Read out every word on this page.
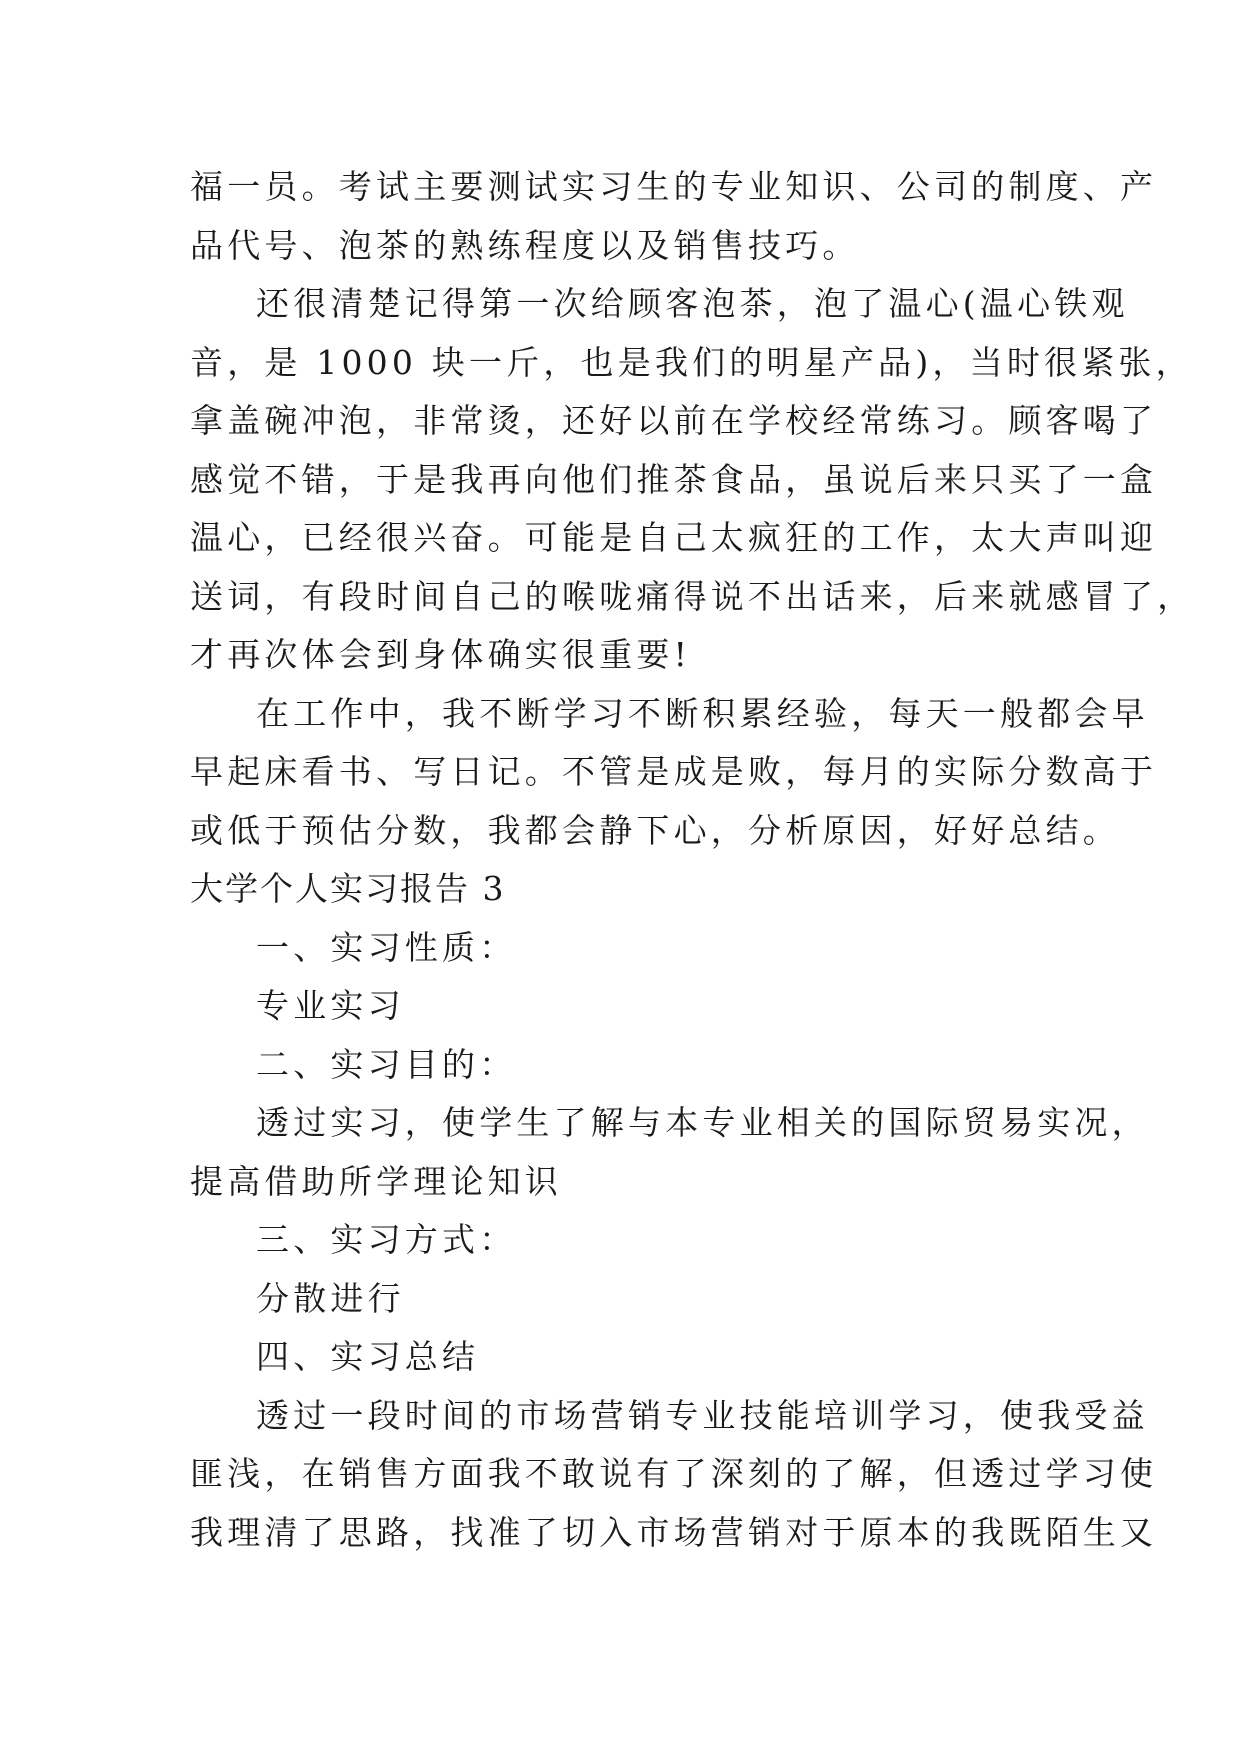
福一员。考试主要测试实习生的专业知识、公司的制度、产
品代号、泡茶的熟练程度以及销售技巧。
还很清楚记得第一次给顾客泡茶，泡了温心(温心铁观
音，是 1000 块一斤，也是我们的明星产品)，当时很紧张，
拿盖碗冲泡，非常烫，还好以前在学校经常练习。顾客喝了
感觉不错，于是我再向他们推茶食品，虽说后来只买了一盒
温心，已经很兴奋。可能是自己太疯狂的工作，太大声叫迎
送词，有段时间自己的喉咙痛得说不出话来，后来就感冒了，
才再次体会到身体确实很重要!
在工作中，我不断学习不断积累经验，每天一般都会早
早起床看书、写日记。不管是成是败，每月的实际分数高于
或低于预估分数，我都会静下心，分析原因，好好总结。
大学个人实习报告 3
一、实习性质：
专业实习
二、实习目的：
透过实习，使学生了解与本专业相关的国际贸易实况，
提高借助所学理论知识
三、实习方式：
分散进行
四、实习总结
透过一段时间的市场营销专业技能培训学习，使我受益
匪浅，在销售方面我不敢说有了深刻的了解，但透过学习使
我理清了思路，找准了切入市场营销对于原本的我既陌生又
